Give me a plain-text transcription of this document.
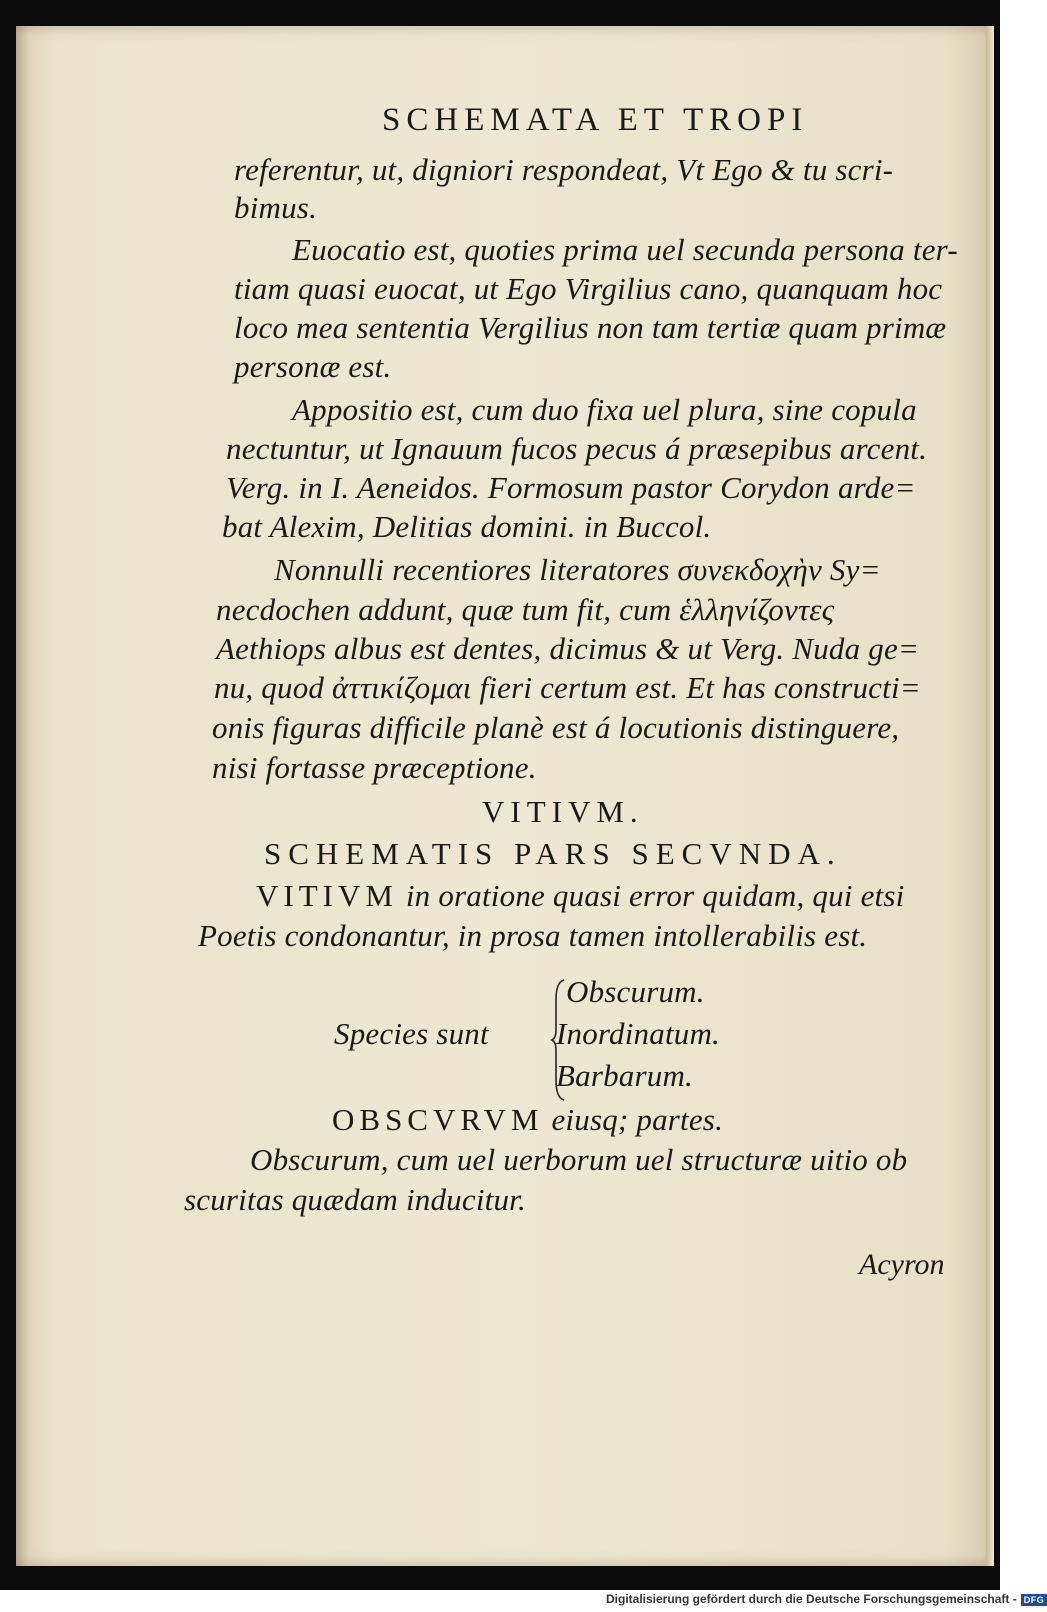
SCHEMATA ET TROPI
referentur, ut, digniori respondeat, Vt Ego & tu scri-
bimus.
Euocatio est, quoties prima uel secunda persona ter-
tiam quasi euocat, ut Ego Virgilius cano, quanquam hoc
loco mea sententia Vergilius non tam tertiæ quam primæ
personæ est.
Appositio est, cum duo fixa uel plura, sine copula
nectuntur, ut Ignauum fucos pecus á præsepibus arcent.
Verg. in I. Aeneidos. Formosum pastor Corydon arde=
bat Alexim, Delitias domini. in Buccol.
Nonnulli recentiores literatores συνεκδοχὴν Sy=
necdochen addunt, quæ tum fit, cum ἑλληνίζοντες
Aethiops albus est dentes, dicimus & ut Verg. Nuda ge=
nu, quod ἀττικίζομαι fieri certum est. Et has constructi=
onis figuras difficile planè est á locutionis distinguere,
nisi fortasse præceptione.
VITIVM.
SCHEMATIS PARS SECVNDA.
VITIVM in oratione quasi error quidam, qui etsi
Poetis condonantur, in prosa tamen intollerabilis est.
Species sunt
Obscurum.
Inordinatum.
Barbarum.
OBSCVRVM eiusq; partes.
Obscurum, cum uel uerborum uel structuræ uitio ob
scuritas quædam inducitur.
Acyron
Digitalisierung gefördert durch die Deutsche Forschungsgemeinschaft - DFG
